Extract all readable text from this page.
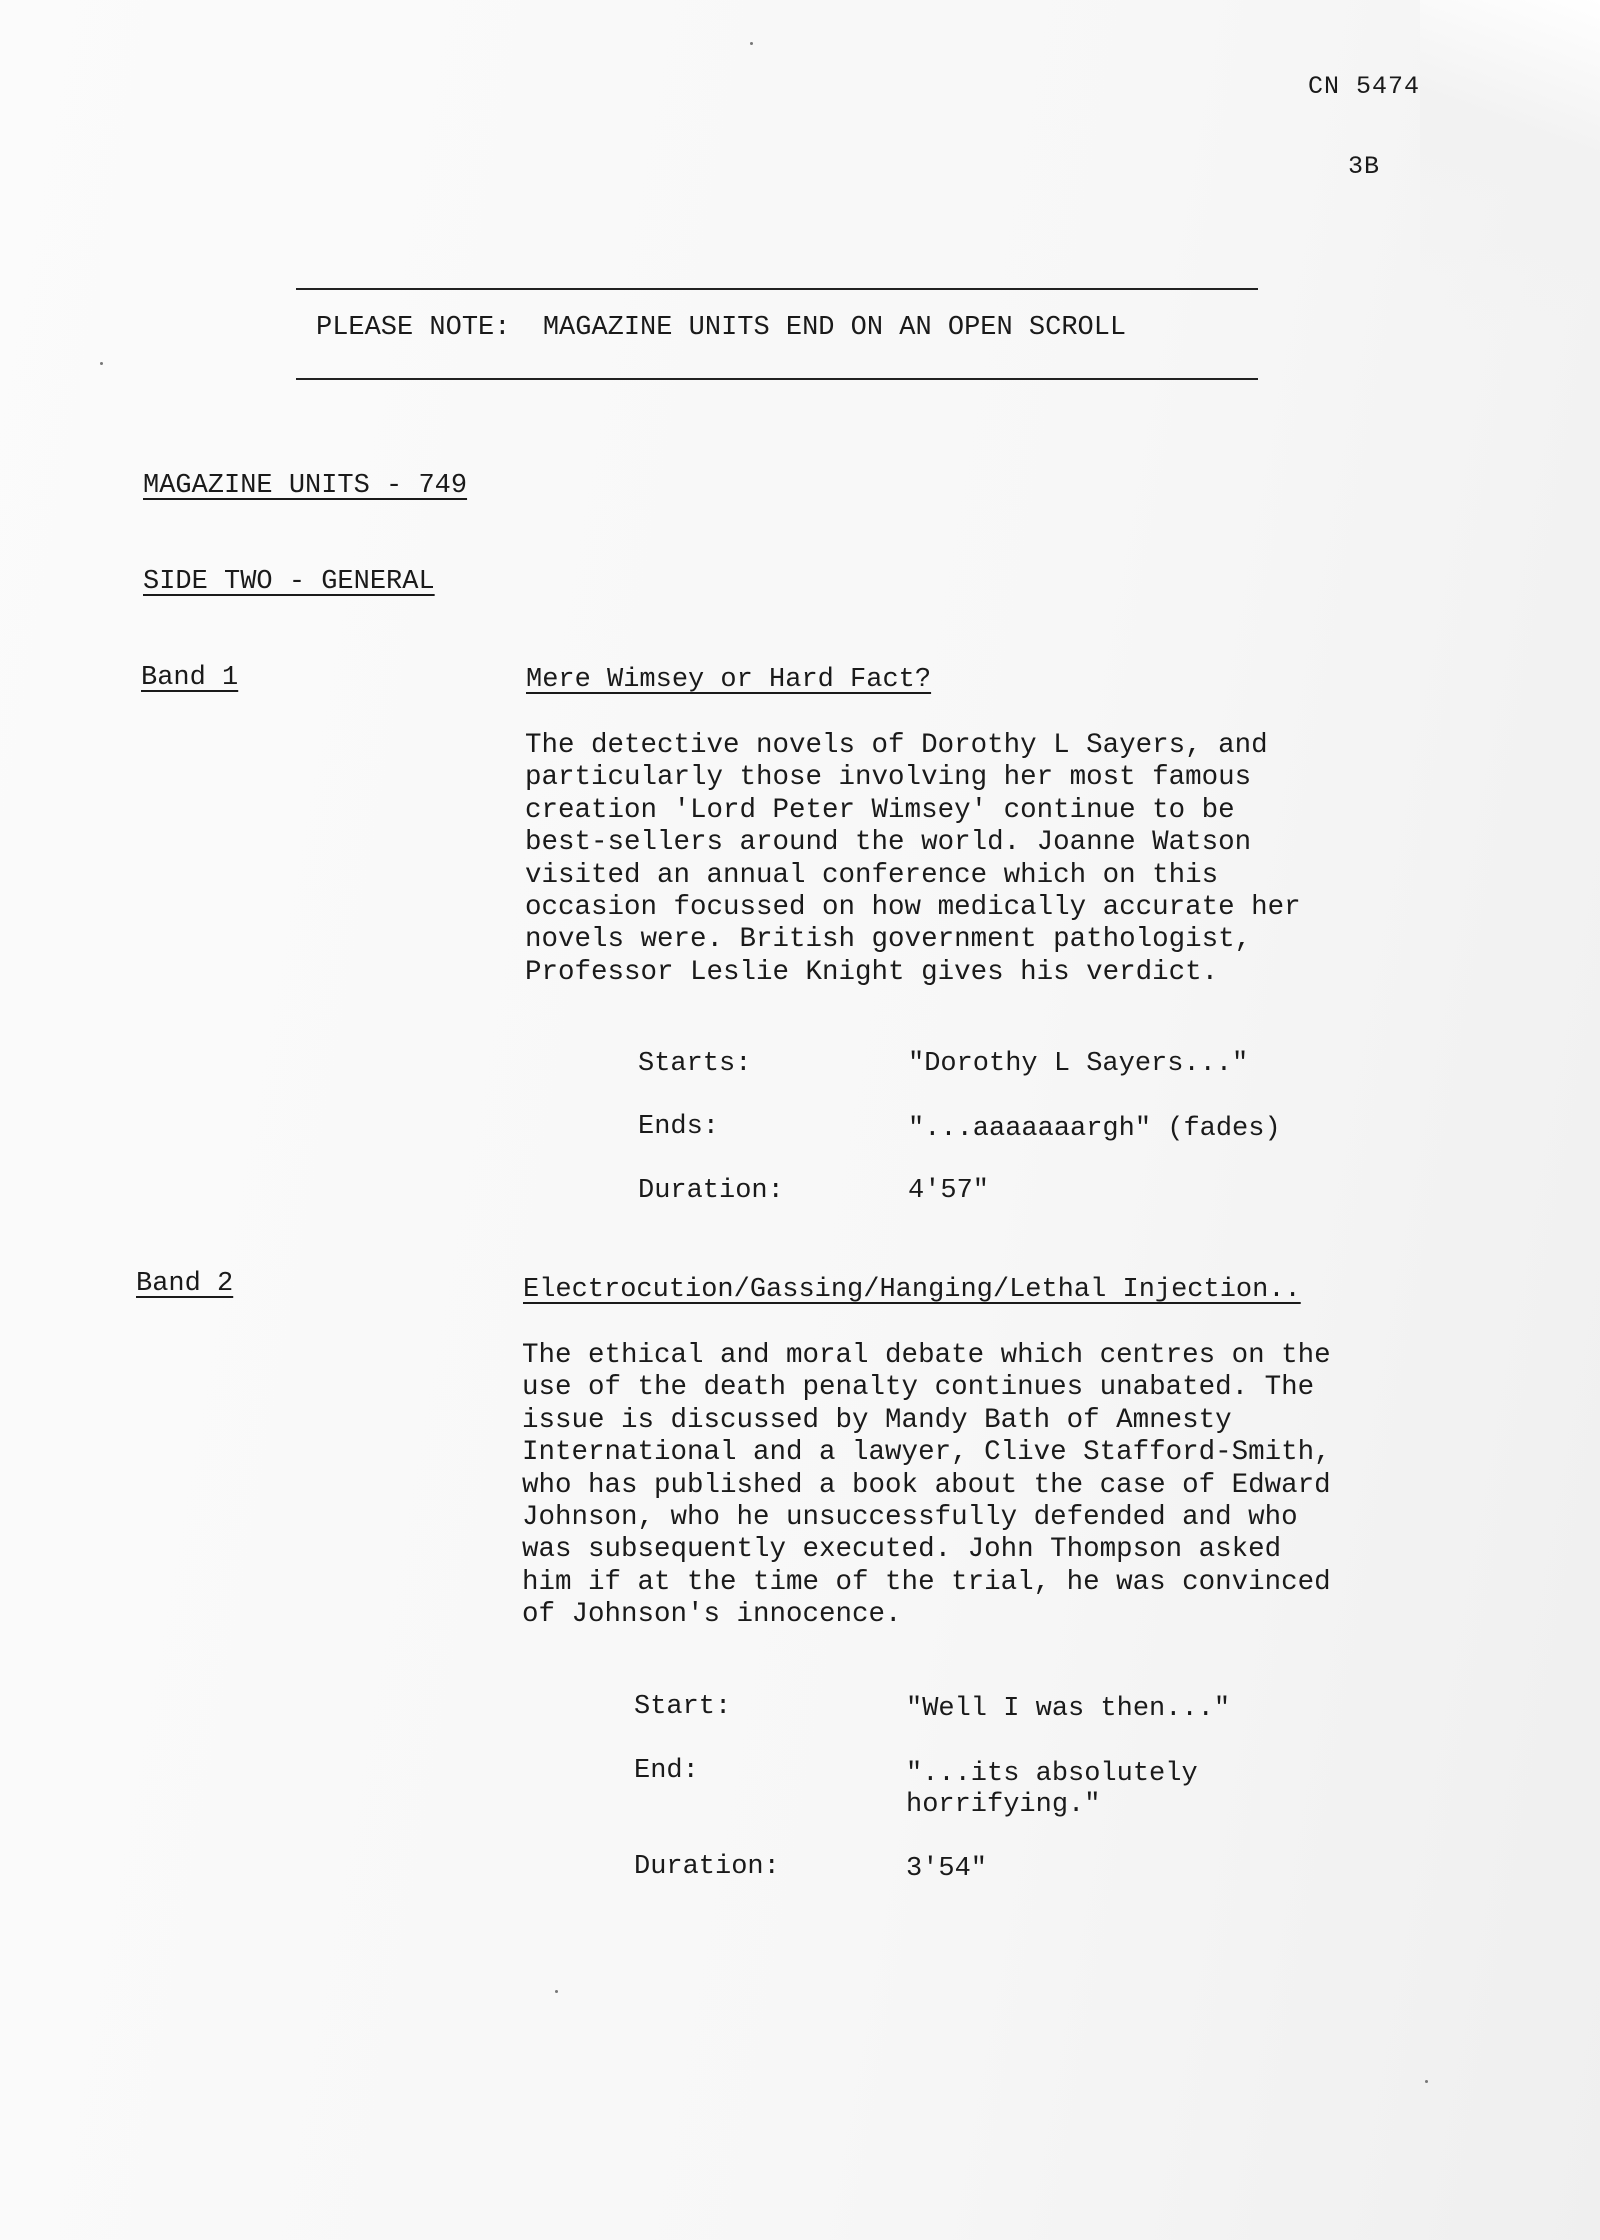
CN 5474
3B
PLEASE NOTE:  MAGAZINE UNITS END ON AN OPEN SCROLL
MAGAZINE UNITS - 749
SIDE TWO - GENERAL
Band 1	Mere Wimsey or Hard Fact?
The detective novels of Dorothy L Sayers, and
particularly those involving her most famous
creation 'Lord Peter Wimsey' continue to be
best-sellers around the world. Joanne Watson
visited an annual conference which on this
occasion focussed on how medically accurate her
novels were. British government pathologist,
Professor Leslie Knight gives his verdict.
Starts:	"Dorothy L Sayers..."
Ends:	"...aaaaaaargh" (fades)
Duration:	4'57"
Band 2	Electrocution/Gassing/Hanging/Lethal Injection..
The ethical and moral debate which centres on the
use of the death penalty continues unabated. The
issue is discussed by Mandy Bath of Amnesty
International and a lawyer, Clive Stafford-Smith,
who has published a book about the case of Edward
Johnson, who he unsuccessfully defended and who
was subsequently executed. John Thompson asked
him if at the time of the trial, he was convinced
of Johnson's innocence.
Start:	"Well I was then..."
End:	"...its absolutely
horrifying."
Duration:	3'54"
